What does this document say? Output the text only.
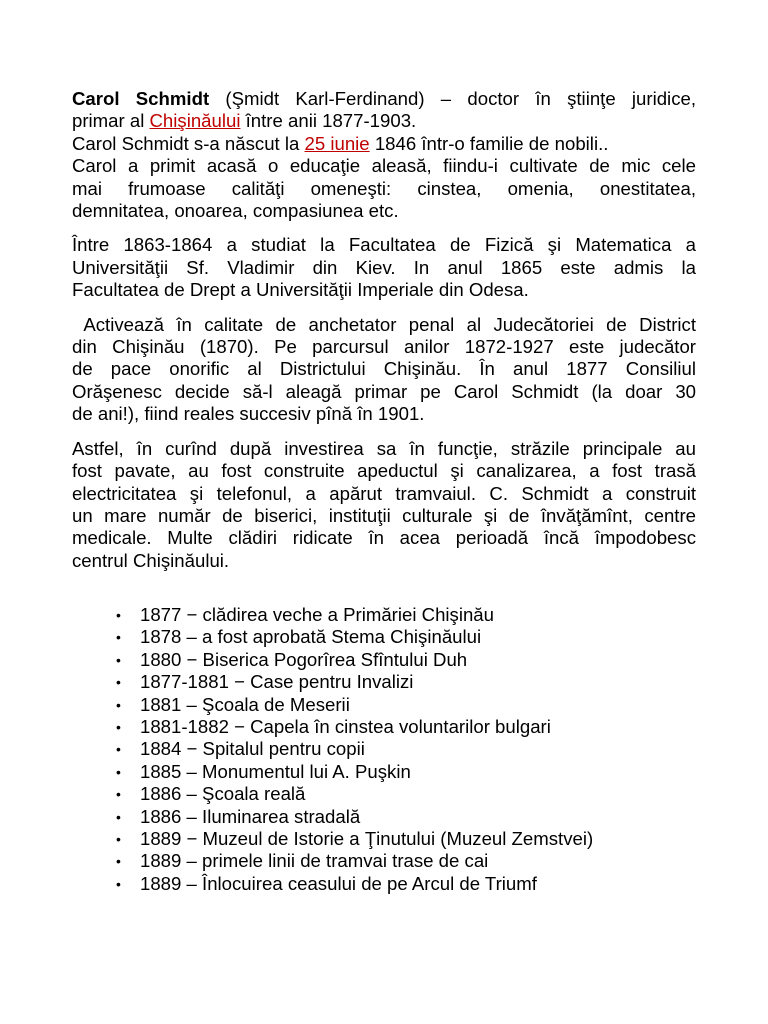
Carol Schmidt (Şmidt Karl-Ferdinand) – doctor în ştiinţe juridice,
primar al Chişinăului între anii 1877-1903.
Carol Schmidt s-a născut la 25 iunie 1846 într-o familie de nobili..
Carol a primit acasă o educaţie aleasă, fiindu-i cultivate de mic cele
mai frumoase calităţi omeneşti: cinstea, omenia, onestitatea,
demnitatea, onoarea, compasiunea etc.

Între 1863-1864 a studiat la Facultatea de Fizică şi Matematica a
Universităţii Sf. Vladimir din Kiev. In anul 1865 este admis la
Facultatea de Drept a Universităţii Imperiale din Odesa.

Activează în calitate de anchetator penal al Judecătoriei de District
din Chişinău (1870). Pe parcursul anilor 1872-1927 este judecător
de pace onorific al Districtului Chişinău. În anul 1877 Consiliul
Orăşenesc decide să-l aleagă primar pe Carol Schmidt (la doar 30
de ani!), fiind reales succesiv pînă în 1901.

Astfel, în curînd după investirea sa în funcţie, străzile principale au
fost pavate, au fost construite apeductul şi canalizarea, a fost trasă
electricitatea şi telefonul, a apărut tramvaiul. C. Schmidt a construit
un mare număr de biserici, instituţii culturale şi de învăţămînt, centre
medicale. Multe clădiri ridicate în acea perioadă încă împodobesc
centrul Chişinăului.

• 1877 − clădirea veche a Primăriei Chişinău
• 1878 – a fost aprobată Stema Chişinăului
• 1880 − Biserica Pogorîrea Sfîntului Duh
• 1877-1881 − Case pentru Invalizi
• 1881 – Şcoala de Meserii
• 1881-1882 − Capela în cinstea voluntarilor bulgari
• 1884 − Spitalul pentru copii
• 1885 – Monumentul lui A. Puşkin
• 1886 – Şcoala reală
• 1886 – Iluminarea stradală
• 1889 − Muzeul de Istorie a Ţinutului (Muzeul Zemstvei)
• 1889 – primele linii de tramvai trase de cai
• 1889 – Înlocuirea ceasului de pe Arcul de Triumf
